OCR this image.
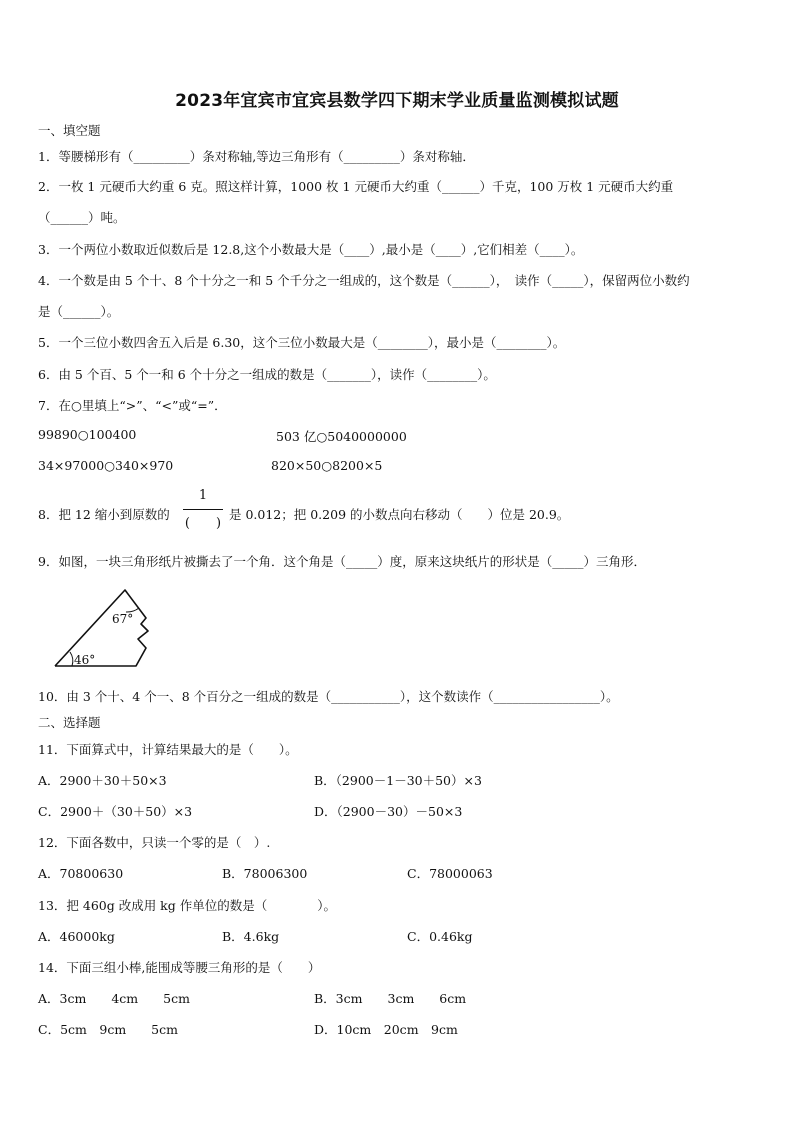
2023年宜宾市宜宾县数学四下期末学业质量监测模拟试题
一、填空题
1．等腰梯形有（_________）条对称轴,等边三角形有（_________）条对称轴．
2．一枚 1 元硬币大约重 6 克。照这样计算，1000 枚 1 元硬币大约重（______）千克，100 万枚 1 元硬币大约重
（______）吨。
3．一个两位小数取近似数后是 12.8,这个小数最大是（____）,最小是（____）,它们相差（____）。
4．一个数是由 5 个十、8 个十分之一和 5 个千分之一组成的，这个数是（______），　读作（_____），保留两位小数约
是（______）。
5．一个三位小数四舍五入后是 6.30，这个三位小数最大是（________），最小是（________）。
6．由 5 个百、5 个一和 6 个十分之一组成的数是（_______），读作（________）。
7．在○里填上“>”、“<”或“=”．
99890○100400	503 亿○5040000000
34×97000○340×970	820×50○8200×5
8．把 12 缩小到原数的
1
(　　)
是 0.012；把 0.209 的小数点向右移动（　　）位是 20.9。
9．如图，一块三角形纸片被撕去了一个角．这个角是（_____）度，原来这块纸片的形状是（_____）三角形．
67°
46°
10．由 3 个十、4 个一、8 个百分之一组成的数是（___________），这个数读作（_________________）。
二、选择题
11．下面算式中，计算结果最大的是（　　）。
A．2900＋30＋50×3	B．（2900－1－30＋50）×3
C．2900＋（30＋50）×3	D．（2900－30）－50×3
12．下面各数中，只读一个零的是（　）.
A．70800630	B．78006300	C．78000063
13．把 460g 改成用 kg 作单位的数是（　　　　）。
A．46000kg	B．4.6kg	C．0.46kg
14．下面三组小棒,能围成等腰三角形的是（　　）
A．3cm　　4cm　　5cm	B．3cm　　3cm　　6cm
C．5cm　9cm　　5cm	D．10cm　20cm　9cm
